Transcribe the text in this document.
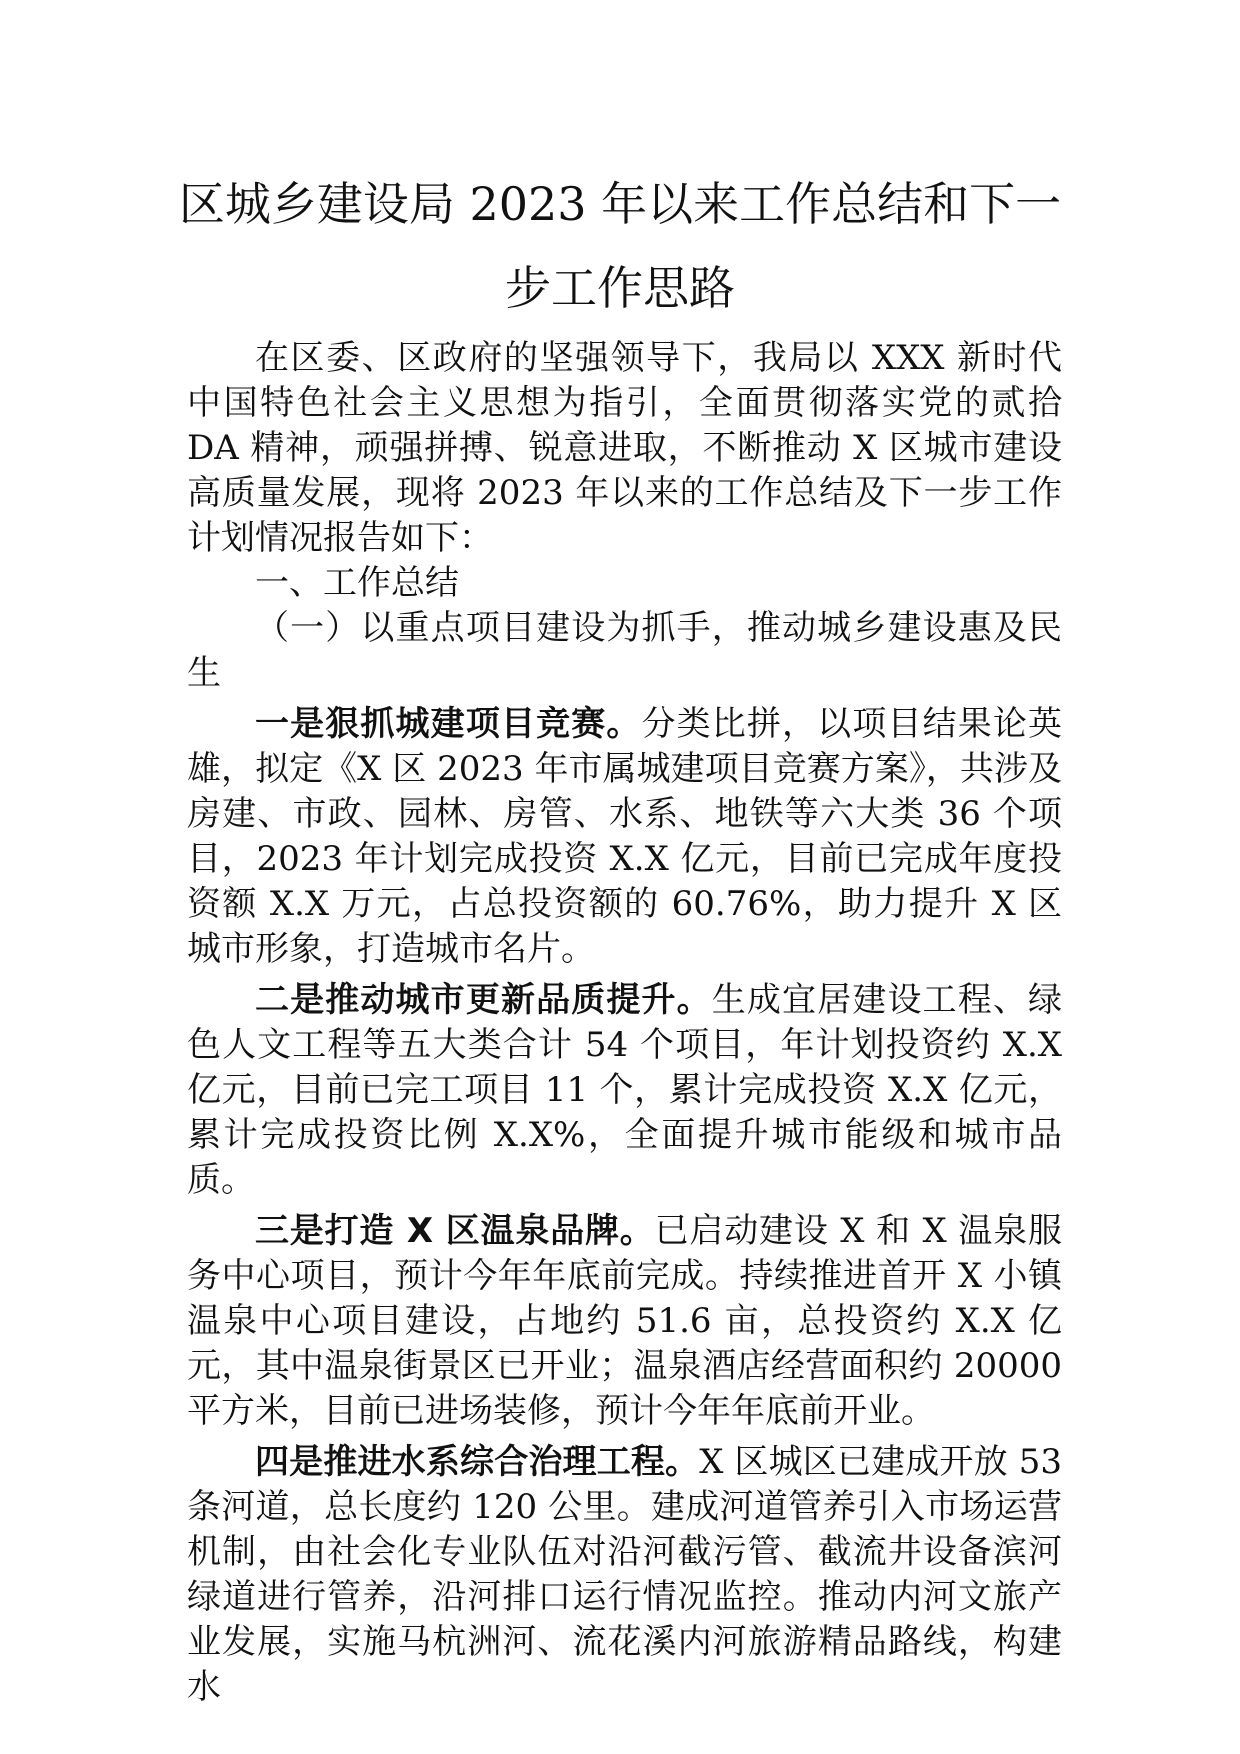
区城乡建设局 2023 年以来工作总结和下一
步工作思路

在区委、区政府的坚强领导下，我局以 XXX 新时代中国特色社会主义思想为指引，全面贯彻落实党的贰拾 DA 精神，顽强拼搏、锐意进取，不断推动 X 区城市建设高质量发展，现将 2023 年以来的工作总结及下一步工作计划情况报告如下：

一、工作总结

（一）以重点项目建设为抓手，推动城乡建设惠及民生

一是狠抓城建项目竞赛。分类比拼，以项目结果论英雄，拟定《X 区 2023 年市属城建项目竞赛方案》，共涉及房建、市政、园林、房管、水系、地铁等六大类 36 个项目，2023 年计划完成投资 X.X 亿元，目前已完成年度投资额 X.X 万元，占总投资额的 60.76%，助力提升 X 区城市形象，打造城市名片。

二是推动城市更新品质提升。生成宜居建设工程、绿色人文工程等五大类合计 54 个项目，年计划投资约 X.X 亿元，目前已完工项目 11 个，累计完成投资 X.X 亿元，累计完成投资比例 X.X%，全面提升城市能级和城市品质。

三是打造 X 区温泉品牌。已启动建设 X 和 X 温泉服务中心项目，预计今年年底前完成。持续推进首开 X 小镇温泉中心项目建设，占地约 51.6 亩，总投资约 X.X 亿元，其中温泉街景区已开业；温泉酒店经营面积约 20000 平方米，目前已进场装修，预计今年年底前开业。

四是推进水系综合治理工程。X 区城区已建成开放 53 条河道，总长度约 120 公里。建成河道管养引入市场运营机制，由社会化专业队伍对沿河截污管、截流井设备滨河绿道进行管养，沿河排口运行情况监控。推动内河文旅产业发展，实施马杭洲河、流花溪内河旅游精品路线，构建水
